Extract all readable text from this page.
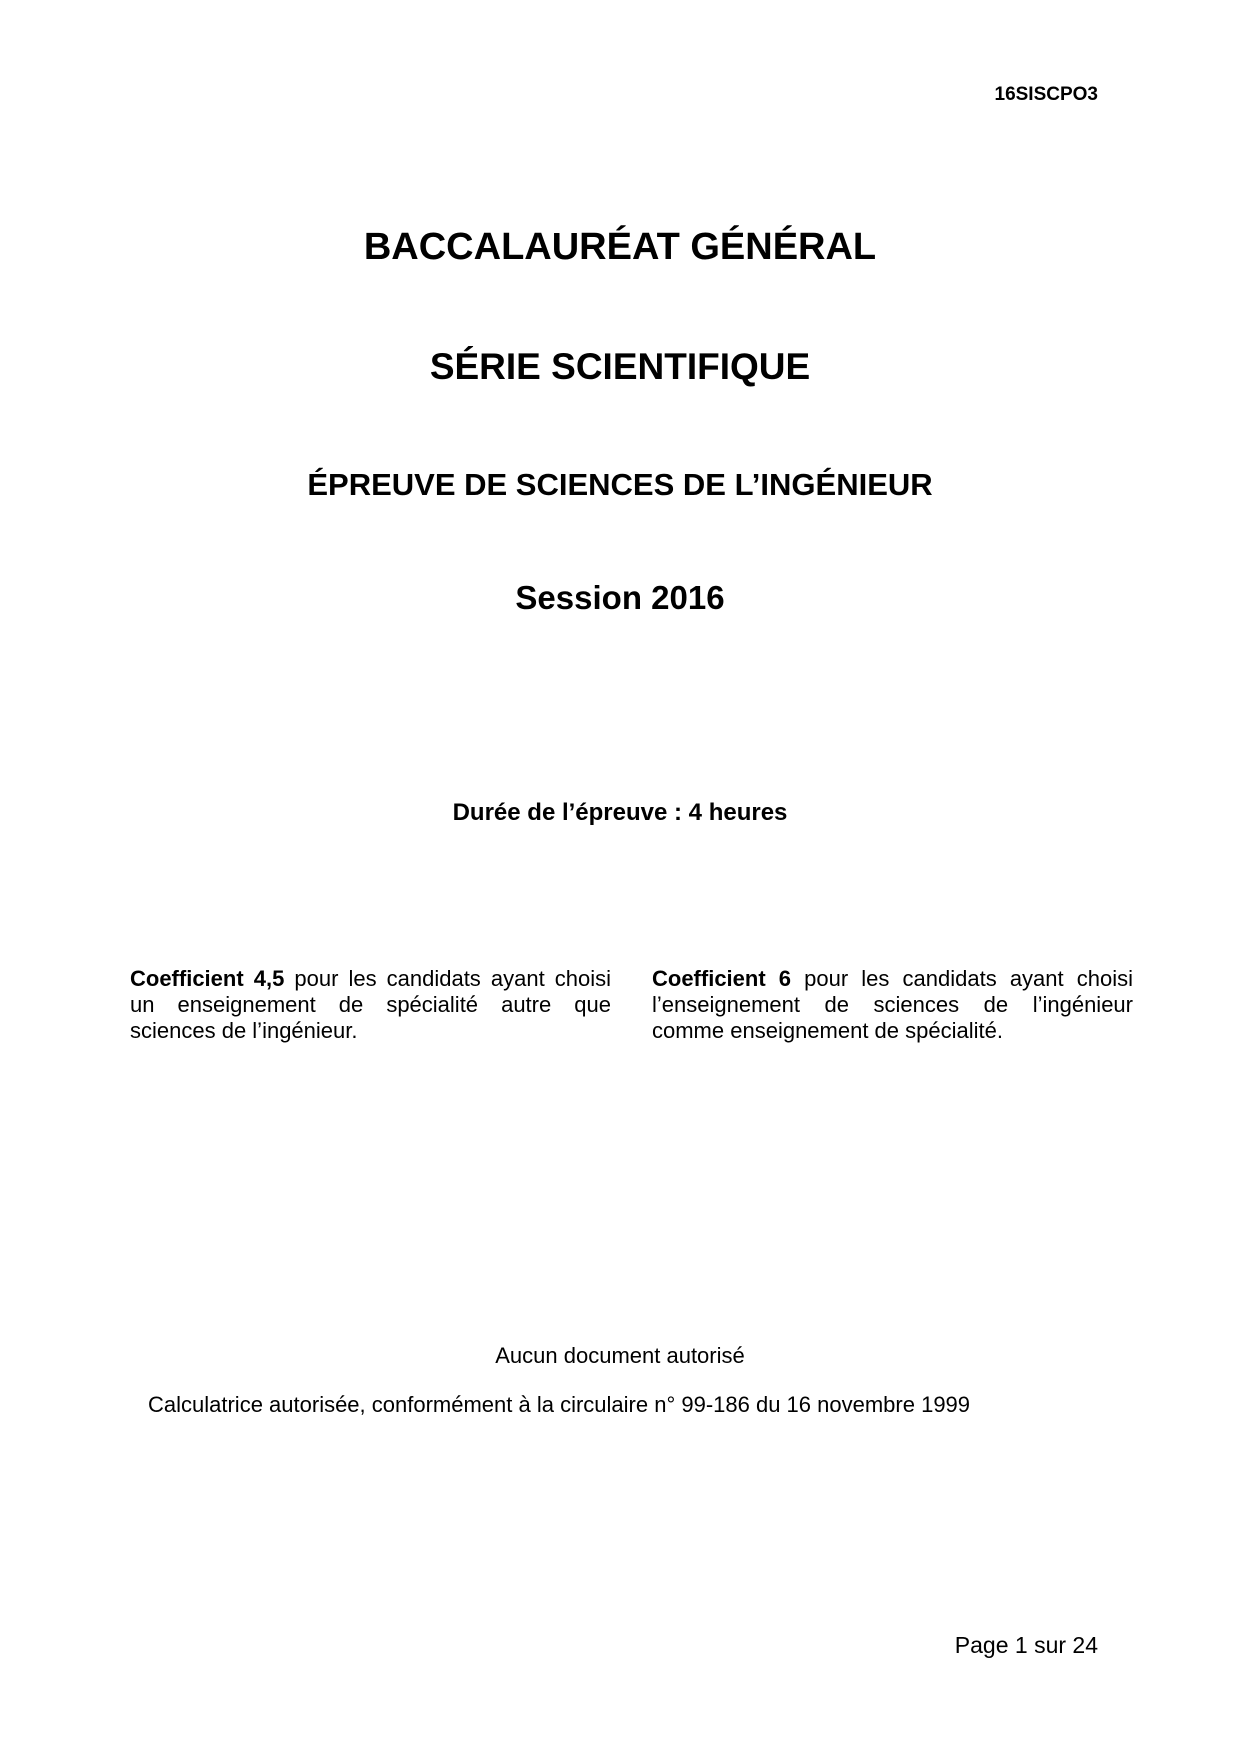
16SISCPO3
BACCALAURÉAT GÉNÉRAL
SÉRIE SCIENTIFIQUE
ÉPREUVE DE SCIENCES DE L’INGÉNIEUR
Session 2016
Durée de l’épreuve : 4 heures
Coefficient 4,5 pour les candidats ayant choisi un enseignement de spécialité autre que sciences de l’ingénieur.
Coefficient 6 pour les candidats ayant choisi l’enseignement de sciences de l’ingénieur comme enseignement de spécialité.
Aucun document autorisé
Calculatrice autorisée, conformément à la circulaire n° 99-186 du 16 novembre 1999
Page 1 sur 24
